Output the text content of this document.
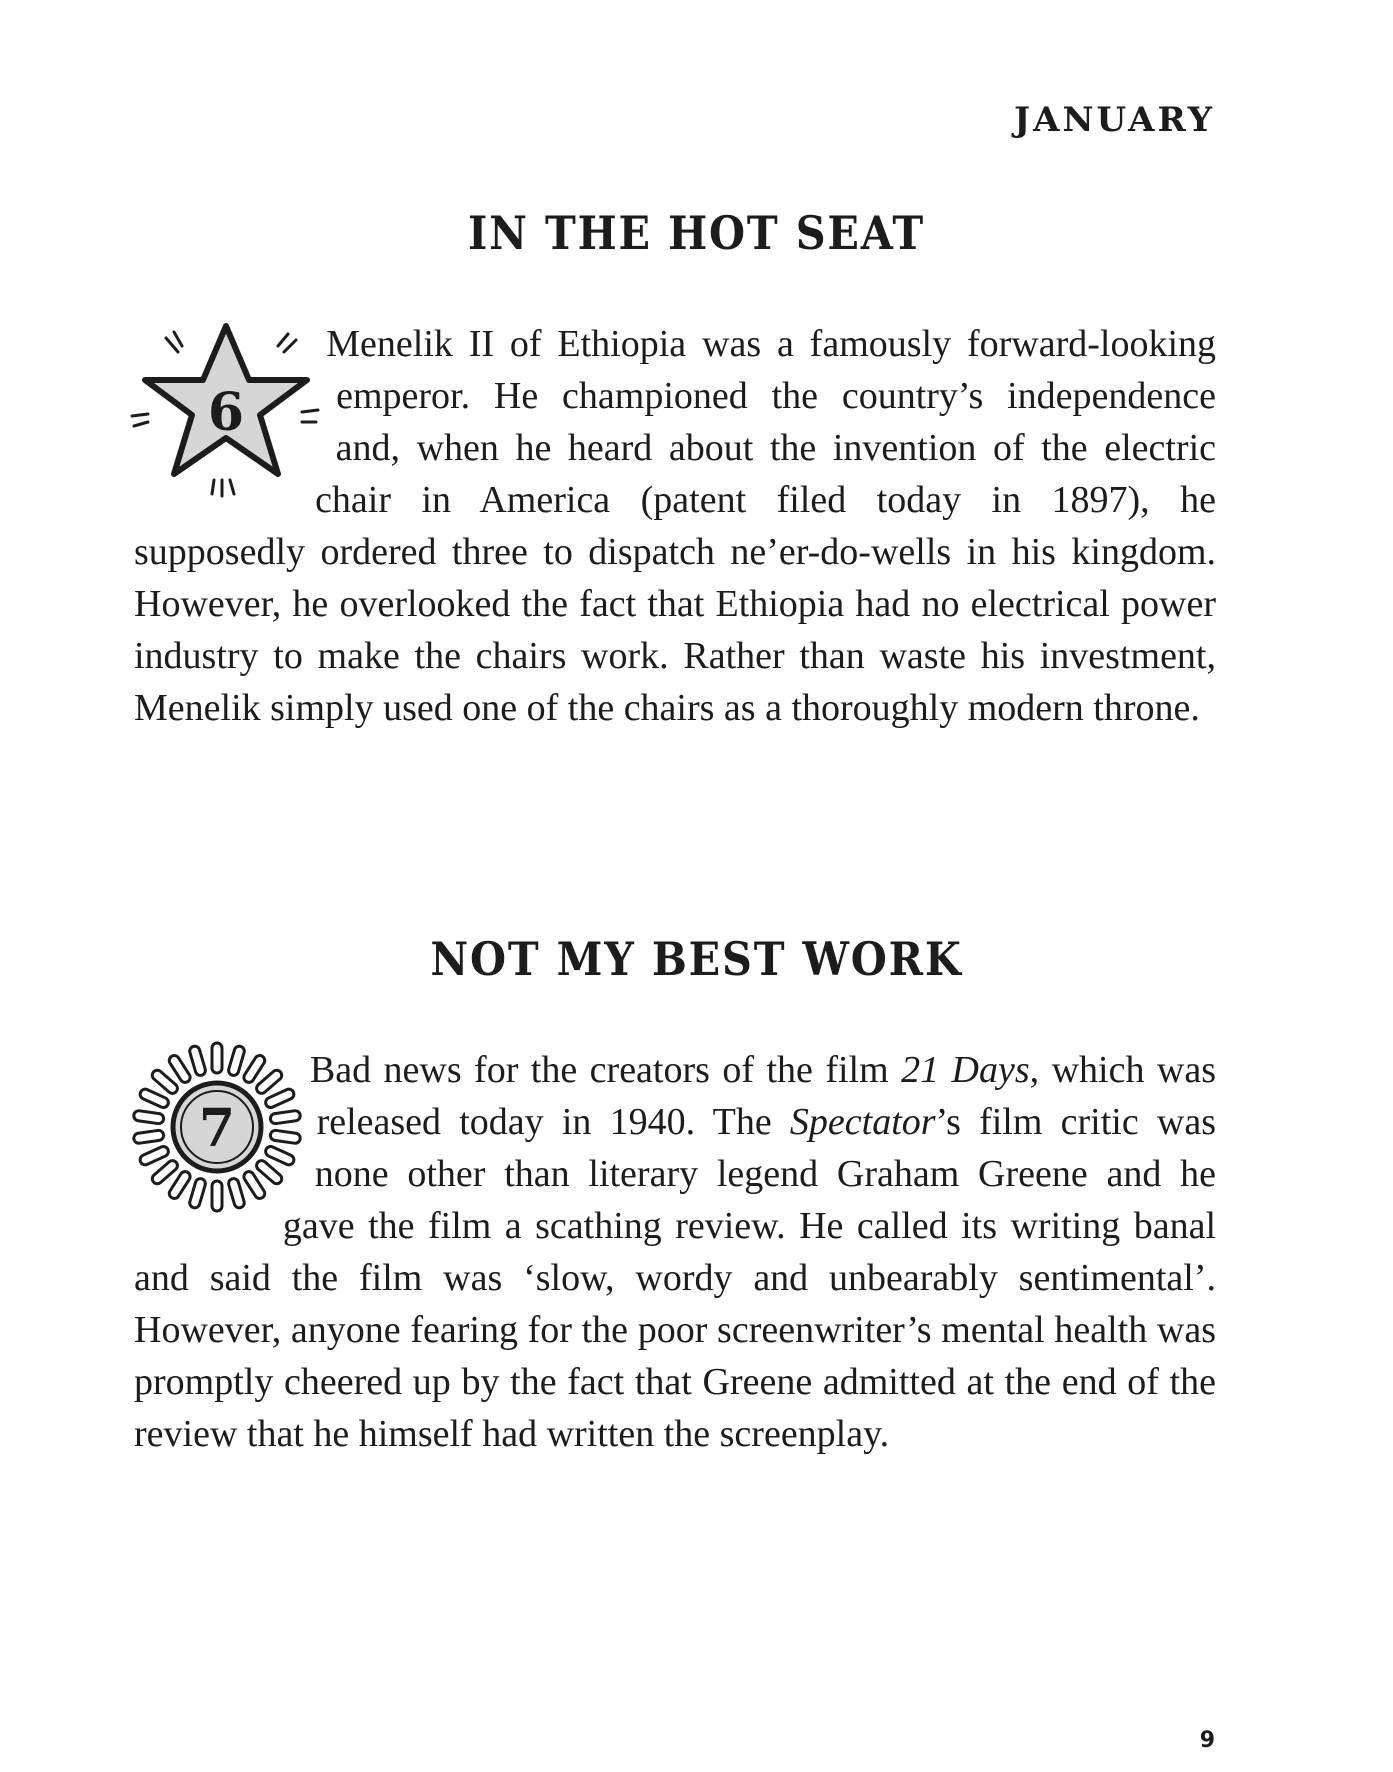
JANUARY
IN THE HOT SEAT

6
Menelik II of Ethiopia was a famously forward-looking emperor. He championed the country’s independence and, when he heard about the invention of the electric chair in America (patent filed today in 1897), he supposedly ordered three to dispatch ne’er-do-wells in his kingdom. However, he overlooked the fact that Ethiopia had no electrical power industry to make the chairs work. Rather than waste his investment, Menelik simply used one of the chairs as a thoroughly modern throne.

NOT MY BEST WORK

7
Bad news for the creators of the film 21 Days, which was released today in 1940. The Spectator’s film critic was none other than literary legend Graham Greene and he gave the film a scathing review. He called its writing banal and said the film was ‘slow, wordy and unbearably sentimental’. However, anyone fearing for the poor screenwriter’s mental health was promptly cheered up by the fact that Greene admitted at the end of the review that he himself had written the screenplay.

9
